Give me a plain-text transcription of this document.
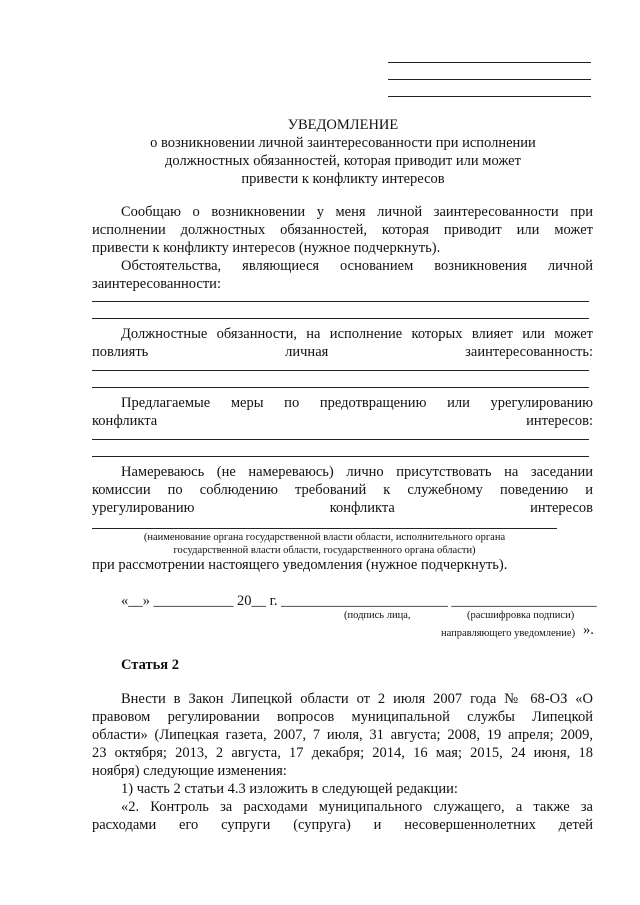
УВЕДОМЛЕНИЕ
о возникновении личной заинтересованности при исполнении
должностных обязанностей, которая приводит или может
привести к конфликту интересов
Сообщаю о возникновении у меня личной заинтересованности при
исполнении должностных обязанностей, которая приводит или может
привести к конфликту интересов (нужное подчеркнуть).
Обстоятельства, являющиеся основанием возникновения личной
заинтересованности:
Должностные обязанности, на исполнение которых влияет или может
повлиять личная заинтересованность:
Предлагаемые меры по предотвращению или урегулированию
конфликта интересов:
Намереваюсь (не намереваюсь) лично присутствовать на заседании
комиссии по соблюдению требований к служебному поведению и
урегулированию конфликта интересов
(наименование органа государственной власти области, исполнительного органа
государственной власти области, государственного органа области)
при рассмотрении настоящего уведомления (нужное подчеркнуть).
«__» ___________ 20__ г. _______________________ ____________________
(подпись лица,	(расшифровка подписи)
направляющего уведомление) ».
Статья 2
Внести в Закон Липецкой области от 2 июля 2007 года № 68-ОЗ «О
правовом регулировании вопросов муниципальной службы Липецкой
области» (Липецкая газета, 2007, 7 июля, 31 августа; 2008, 19 апреля; 2009,
23 октября; 2013, 2 августа, 17 декабря; 2014, 16 мая; 2015, 24 июня, 18
ноября) следующие изменения:
1) часть 2 статьи 4.3 изложить в следующей редакции:
«2. Контроль за расходами муниципального служащего, а также за
расходами его супруги (супруга) и несовершеннолетних детей
